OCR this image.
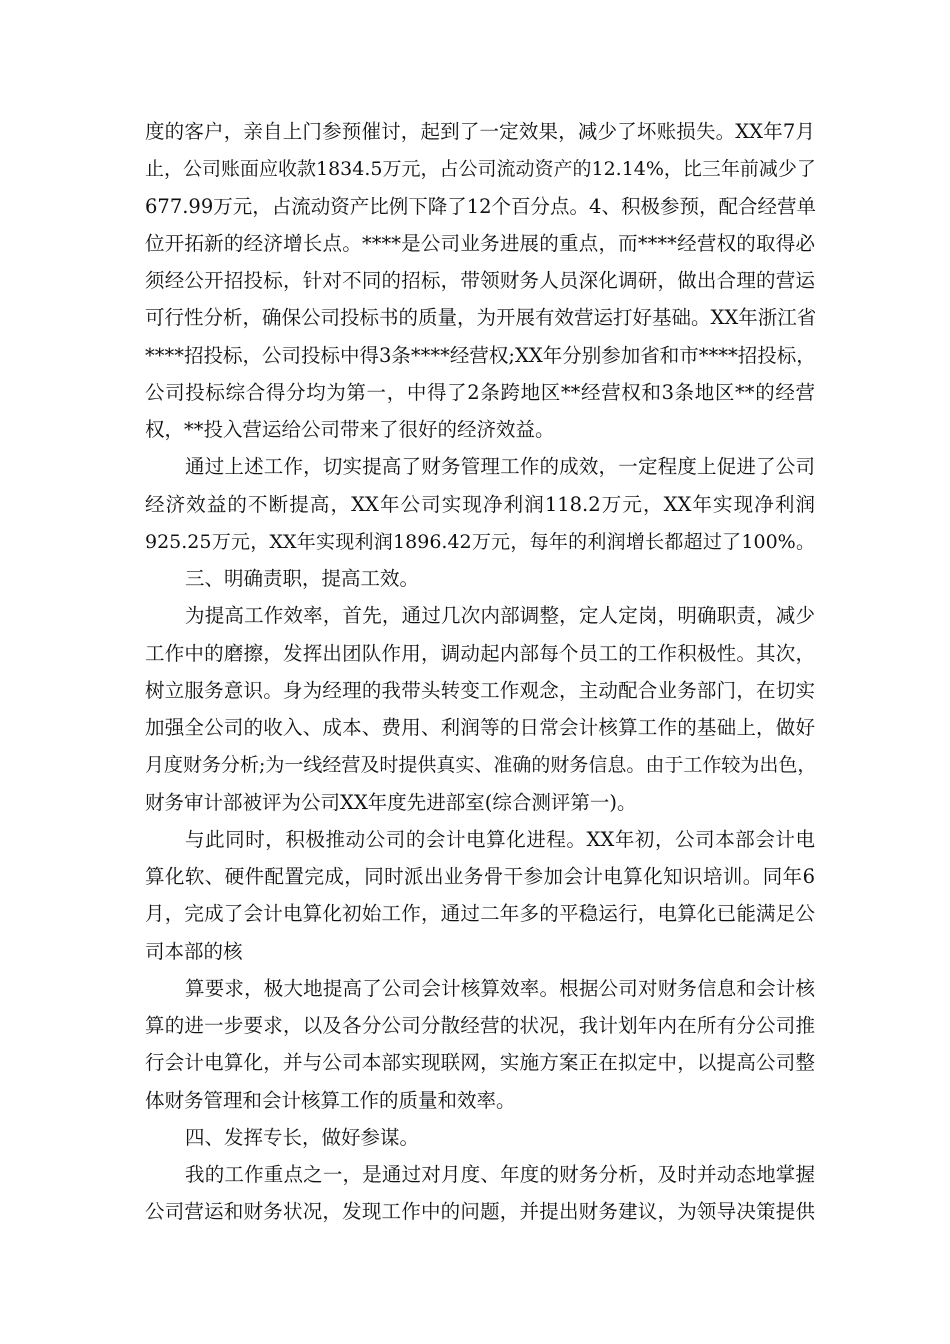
度的客户，亲自上门参预催讨，起到了一定效果，减少了坏账损失。XX年7月
止，公司账面应收款1834.5万元，占公司流动资产的12.14%，比三年前减少了
677.99万元，占流动资产比例下降了12个百分点。4、积极参预，配合经营单
位开拓新的经济增长点。****是公司业务进展的重点，而****经营权的取得必
须经公开招投标，针对不同的招标，带领财务人员深化调研，做出合理的营运
可行性分析，确保公司投标书的质量，为开展有效营运打好基础。XX年浙江省
****招投标，公司投标中得3条****经营权;XX年分别参加省和市****招投标，
公司投标综合得分均为第一，中得了2条跨地区**经营权和3条地区**的经营
权，**投入营运给公司带来了很好的经济效益。
通过上述工作，切实提高了财务管理工作的成效，一定程度上促进了公司
经济效益的不断提高，XX年公司实现净利润118.2万元，XX年实现净利润
925.25万元，XX年实现利润1896.42万元，每年的利润增长都超过了100%。
三、明确责职，提高工效。
为提高工作效率，首先，通过几次内部调整，定人定岗，明确职责，减少
工作中的磨擦，发挥出团队作用，调动起内部每个员工的工作积极性。其次，
树立服务意识。身为经理的我带头转变工作观念，主动配合业务部门，在切实
加强全公司的收入、成本、费用、利润等的日常会计核算工作的基础上，做好
月度财务分析;为一线经营及时提供真实、准确的财务信息。由于工作较为出色，
财务审计部被评为公司XX年度先进部室(综合测评第一)。
与此同时，积极推动公司的会计电算化进程。XX年初，公司本部会计电
算化软、硬件配置完成，同时派出业务骨干参加会计电算化知识培训。同年6
月，完成了会计电算化初始工作，通过二年多的平稳运行，电算化已能满足公
司本部的核
算要求，极大地提高了公司会计核算效率。根据公司对财务信息和会计核
算的进一步要求，以及各分公司分散经营的状况，我计划年内在所有分公司推
行会计电算化，并与公司本部实现联网，实施方案正在拟定中，以提高公司整
体财务管理和会计核算工作的质量和效率。
四、发挥专长，做好参谋。
我的工作重点之一，是通过对月度、年度的财务分析，及时并动态地掌握
公司营运和财务状况，发现工作中的问题，并提出财务建议，为领导决策提供
